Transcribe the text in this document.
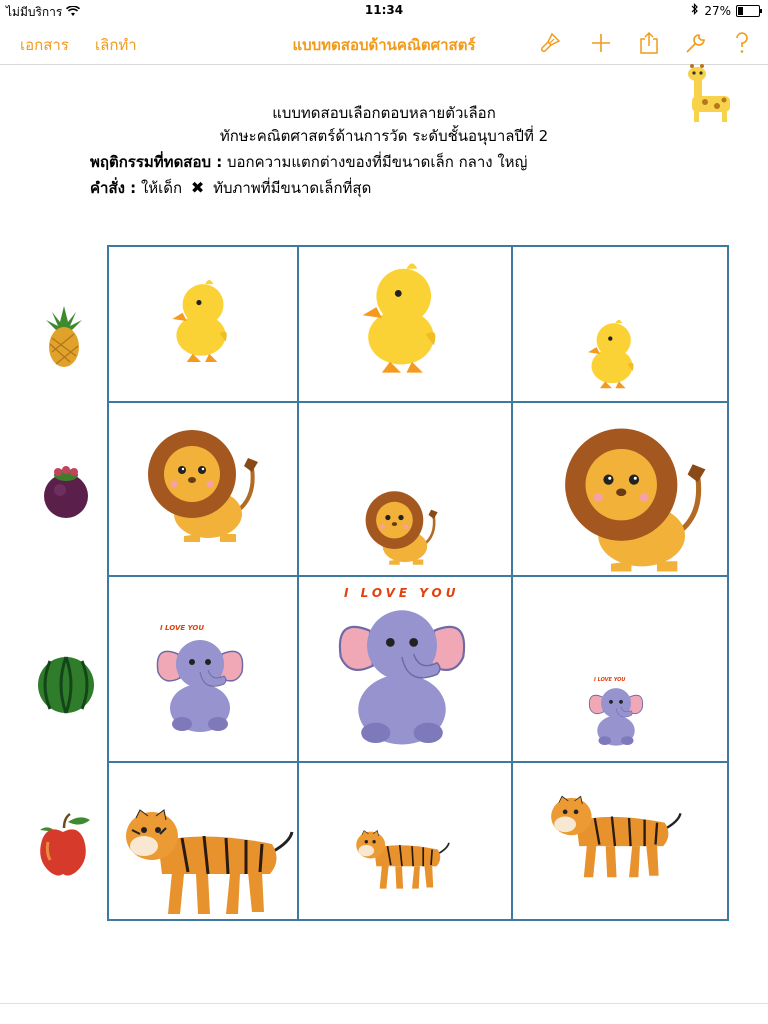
ไม่มีบริการ	11:34	27%
เอกสาร เลิกทำ	แบบทดสอบด้านคณิตศาสตร์
แบบทดสอบเลือกตอบหลายตัวเลือก
ทักษะคณิตศาสตร์ด้านการวัด ระดับชั้นอนุบาลปีที่ 2
พฤติกรรมที่ทดสอบ : บอกความแตกต่างของที่มีขนาดเล็ก กลาง ใหญ่
คำสั่ง : ให้เด็ก ✖ ทับภาพที่มีขนาดเล็กที่สุด
I LOVE YOU
I LOVE YOU
I LOVE YOU
